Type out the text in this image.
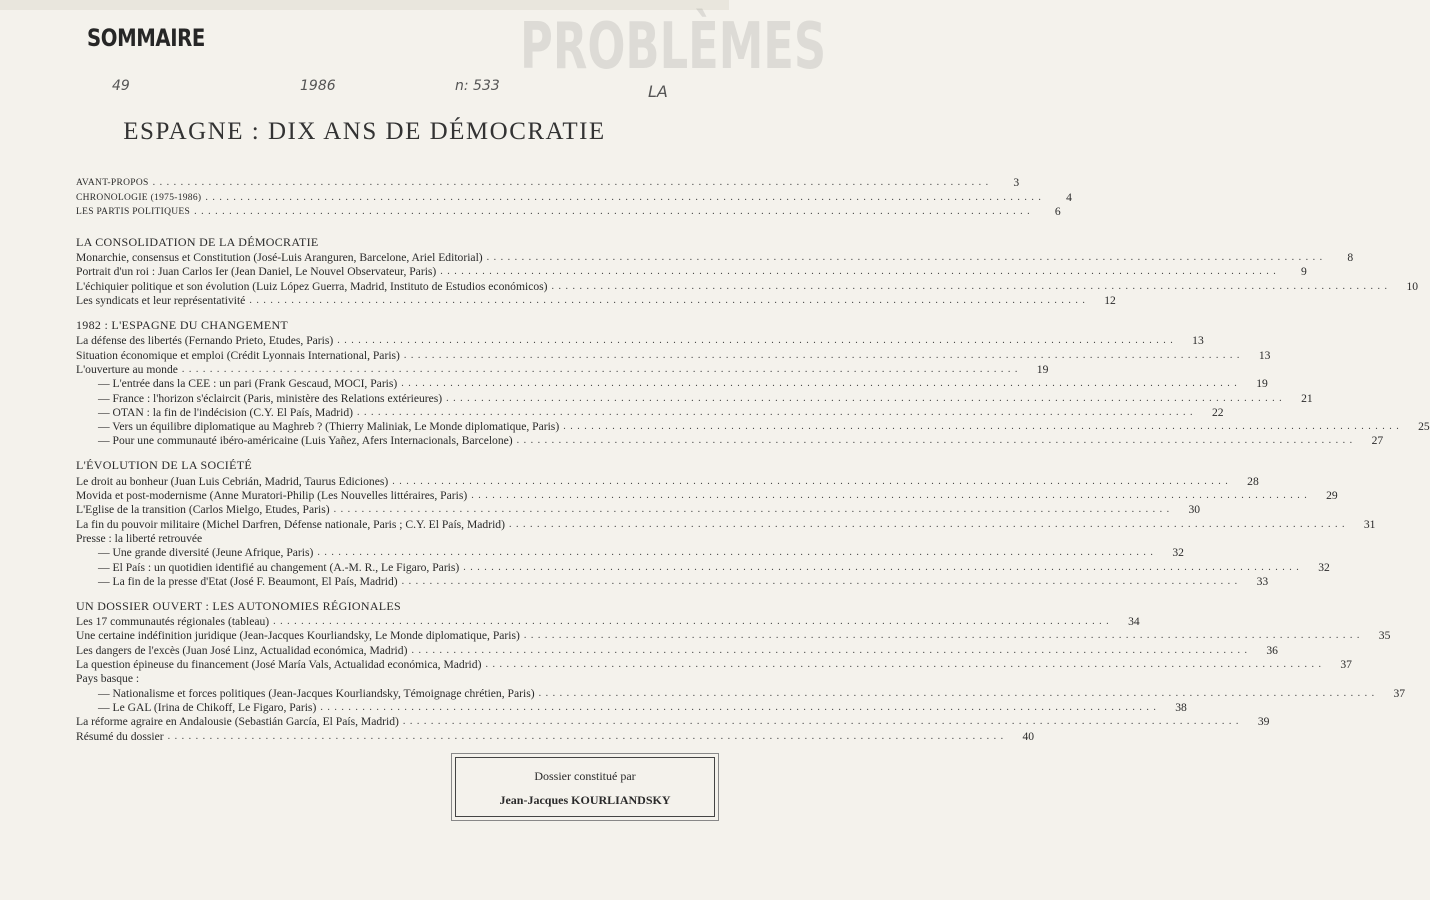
PROBLÈMES
SOMMAIRE
49	1986	n: 533	LA
ESPAGNE : DIX ANS DE DÉMOCRATIE
AVANT-PROPOS . . . . . . . . . . . . . . . . . . . . . . . . . . . . . . . . . . . . . . . . . . . . . . . . . . . . . . . . . . . . . . . . . . . . . . . . . . . . . . . . . . . . . . . . . . . . . . . . . . . . . . . . . . . . . . . . . . . . . . . .	3
CHRONOLOGIE (1975-1986) . . . . . . . . . . . . . . . . . . . . . . . . . . . . . . . . . . . . . . . . . . . . . . . . . . . . . . . . . . . . . . . . . . . . . . . . . . . . . . . . . . . . . . . . . . . . . . . . . . . . . . . . . . . . . . . . . . . . . . . .	4
LES PARTIS POLITIQUES . . . . . . . . . . . . . . . . . . . . . . . . . . . . . . . . . . . . . . . . . . . . . . . . . . . . . . . . . . . . . . . . . . . . . . . . . . . . . . . . . . . . . . . . . . . . . . . . . . . . . . . . . . . . . . . . . . . . . . . .	6
LA CONSOLIDATION DE LA DÉMOCRATIE
Monarchie, consensus et Constitution (José-Luis Aranguren, Barcelone, Ariel Editorial) . . . . . . . . . . . . . . . . . . . . . . . . . . . . . . . . . . . . . . . . . . . . . . . . . . . . . . . . . . . . . . . . . . . . . . . . . . . . . . . . . . . . . . . . . . . . . . . . . . . . . . . . . . . . . . . . . . . . . . . .	8
Portrait d'un roi : Juan Carlos Ier (Jean Daniel, Le Nouvel Observateur, Paris) . . . . . . . . . . . . . . . . . . . . . . . . . . . . . . . . . . . . . . . . . . . . . . . . . . . . . . . . . . . . . . . . . . . . . . . . . . . . . . . . . . . . . . . . . . . . . . . . . . . . . . . . . . . . . . . . . . . . . . . .	9
L'échiquier politique et son évolution (Luiz López Guerra, Madrid, Instituto de Estudios económicos) . . . . . . . . . . . . . . . . . . . . . . . . . . . . . . . . . . . . . . . . . . . . . . . . . . . . . . . . . . . . . . . . . . . . . . . . . . . . . . . . . . . . . . . . . . . . . . . . . . . . . . . . . . . . . . . . . . . . . . . .	10
Les syndicats et leur représentativité . . . . . . . . . . . . . . . . . . . . . . . . . . . . . . . . . . . . . . . . . . . . . . . . . . . . . . . . . . . . . . . . . . . . . . . . . . . . . . . . . . . . . . . . . . . . . . . . . . . . . . . . . . . . . . . . . . . . . . . .	12
1982 : L'ESPAGNE DU CHANGEMENT
La défense des libertés (Fernando Prieto, Etudes, Paris) . . . . . . . . . . . . . . . . . . . . . . . . . . . . . . . . . . . . . . . . . . . . . . . . . . . . . . . . . . . . . . . . . . . . . . . . . . . . . . . . . . . . . . . . . . . . . . . . . . . . . . . . . . . . . . . . . . . . . . . .	13
Situation économique et emploi (Crédit Lyonnais International, Paris) . . . . . . . . . . . . . . . . . . . . . . . . . . . . . . . . . . . . . . . . . . . . . . . . . . . . . . . . . . . . . . . . . . . . . . . . . . . . . . . . . . . . . . . . . . . . . . . . . . . . . . . . . . . . . . . . . . . . . . . .	13
L'ouverture au monde . . . . . . . . . . . . . . . . . . . . . . . . . . . . . . . . . . . . . . . . . . . . . . . . . . . . . . . . . . . . . . . . . . . . . . . . . . . . . . . . . . . . . . . . . . . . . . . . . . . . . . . . . . . . . . . . . . . . . . . .	19
— L'entrée dans la CEE : un pari (Frank Gescaud, MOCI, Paris) . . . . . . . . . . . . . . . . . . . . . . . . . . . . . . . . . . . . . . . . . . . . . . . . . . . . . . . . . . . . . . . . . . . . . . . . . . . . . . . . . . . . . . . . . . . . . . . . . . . . . . . . . . . . . . . . . . . . . . . .	19
— France : l'horizon s'éclaircit (Paris, ministère des Relations extérieures) . . . . . . . . . . . . . . . . . . . . . . . . . . . . . . . . . . . . . . . . . . . . . . . . . . . . . . . . . . . . . . . . . . . . . . . . . . . . . . . . . . . . . . . . . . . . . . . . . . . . . . . . . . . . . . . . . . . . . . . .	21
— OTAN : la fin de l'indécision (C.Y. El País, Madrid) . . . . . . . . . . . . . . . . . . . . . . . . . . . . . . . . . . . . . . . . . . . . . . . . . . . . . . . . . . . . . . . . . . . . . . . . . . . . . . . . . . . . . . . . . . . . . . . . . . . . . . . . . . . . . . . . . . . . . . . .	22
— Vers un équilibre diplomatique au Maghreb ? (Thierry Maliniak, Le Monde diplomatique, Paris) . . . . . . . . . . . . . . . . . . . . . . . . . . . . . . . . . . . . . . . . . . . . . . . . . . . . . . . . . . . . . . . . . . . . . . . . . . . . . . . . . . . . . . . . . . . . . . . . . . . . . . . . . . . . . . . . . . . . . . . .	25
— Pour une communauté ibéro-américaine (Luis Yañez, Afers Internacionals, Barcelone) . . . . . . . . . . . . . . . . . . . . . . . . . . . . . . . . . . . . . . . . . . . . . . . . . . . . . . . . . . . . . . . . . . . . . . . . . . . . . . . . . . . . . . . . . . . . . . . . . . . . . . . . . . . . . . . . . . . . . . . .	27
L'ÉVOLUTION DE LA SOCIÉTÉ
Le droit au bonheur (Juan Luis Cebrián, Madrid, Taurus Ediciones) . . . . . . . . . . . . . . . . . . . . . . . . . . . . . . . . . . . . . . . . . . . . . . . . . . . . . . . . . . . . . . . . . . . . . . . . . . . . . . . . . . . . . . . . . . . . . . . . . . . . . . . . . . . . . . . . . . . . . . . .	28
Movida et post-modernisme (Anne Muratori-Philip (Les Nouvelles littéraires, Paris) . . . . . . . . . . . . . . . . . . . . . . . . . . . . . . . . . . . . . . . . . . . . . . . . . . . . . . . . . . . . . . . . . . . . . . . . . . . . . . . . . . . . . . . . . . . . . . . . . . . . . . . . . . . . . . . . . . . . . . . .	29
L'Eglise de la transition (Carlos Mielgo, Etudes, Paris) . . . . . . . . . . . . . . . . . . . . . . . . . . . . . . . . . . . . . . . . . . . . . . . . . . . . . . . . . . . . . . . . . . . . . . . . . . . . . . . . . . . . . . . . . . . . . . . . . . . . . . . . . . . . . . . . . . . . . . . .	30
La fin du pouvoir militaire (Michel Darfren, Défense nationale, Paris ; C.Y. El País, Madrid) . . . . . . . . . . . . . . . . . . . . . . . . . . . . . . . . . . . . . . . . . . . . . . . . . . . . . . . . . . . . . . . . . . . . . . . . . . . . . . . . . . . . . . . . . . . . . . . . . . . . . . . . . . . . . . . . . . . . . . . .	31
Presse : la liberté retrouvée
— Une grande diversité (Jeune Afrique, Paris) . . . . . . . . . . . . . . . . . . . . . . . . . . . . . . . . . . . . . . . . . . . . . . . . . . . . . . . . . . . . . . . . . . . . . . . . . . . . . . . . . . . . . . . . . . . . . . . . . . . . . . . . . . . . . . . . . . . . . . . .	32
— El País : un quotidien identifié au changement (A.-M. R., Le Figaro, Paris) . . . . . . . . . . . . . . . . . . . . . . . . . . . . . . . . . . . . . . . . . . . . . . . . . . . . . . . . . . . . . . . . . . . . . . . . . . . . . . . . . . . . . . . . . . . . . . . . . . . . . . . . . . . . . . . . . . . . . . . .	32
— La fin de la presse d'Etat (José F. Beaumont, El País, Madrid) . . . . . . . . . . . . . . . . . . . . . . . . . . . . . . . . . . . . . . . . . . . . . . . . . . . . . . . . . . . . . . . . . . . . . . . . . . . . . . . . . . . . . . . . . . . . . . . . . . . . . . . . . . . . . . . . . . . . . . . .	33
UN DOSSIER OUVERT : LES AUTONOMIES RÉGIONALES
Les 17 communautés régionales (tableau) . . . . . . . . . . . . . . . . . . . . . . . . . . . . . . . . . . . . . . . . . . . . . . . . . . . . . . . . . . . . . . . . . . . . . . . . . . . . . . . . . . . . . . . . . . . . . . . . . . . . . . . . . . . . . . . . . . . . . . . .	34
Une certaine indéfinition juridique (Jean-Jacques Kourliandsky, Le Monde diplomatique, Paris) . . . . . . . . . . . . . . . . . . . . . . . . . . . . . . . . . . . . . . . . . . . . . . . . . . . . . . . . . . . . . . . . . . . . . . . . . . . . . . . . . . . . . . . . . . . . . . . . . . . . . . . . . . . . . . . . . . . . . . . .	35
Les dangers de l'excès (Juan José Linz, Actualidad económica, Madrid) . . . . . . . . . . . . . . . . . . . . . . . . . . . . . . . . . . . . . . . . . . . . . . . . . . . . . . . . . . . . . . . . . . . . . . . . . . . . . . . . . . . . . . . . . . . . . . . . . . . . . . . . . . . . . . . . . . . . . . . .	36
La question épineuse du financement (José María Vals, Actualidad económica, Madrid) . . . . . . . . . . . . . . . . . . . . . . . . . . . . . . . . . . . . . . . . . . . . . . . . . . . . . . . . . . . . . . . . . . . . . . . . . . . . . . . . . . . . . . . . . . . . . . . . . . . . . . . . . . . . . . . . . . . . . . . .	37
Pays basque :
— Nationalisme et forces politiques (Jean-Jacques Kourliandsky, Témoignage chrétien, Paris) . . . . . . . . . . . . . . . . . . . . . . . . . . . . . . . . . . . . . . . . . . . . . . . . . . . . . . . . . . . . . . . . . . . . . . . . . . . . . . . . . . . . . . . . . . . . . . . . . . . . . . . . . . . . . . . . . . . . . . . .	37
— Le GAL (Irina de Chikoff, Le Figaro, Paris) . . . . . . . . . . . . . . . . . . . . . . . . . . . . . . . . . . . . . . . . . . . . . . . . . . . . . . . . . . . . . . . . . . . . . . . . . . . . . . . . . . . . . . . . . . . . . . . . . . . . . . . . . . . . . . . . . . . . . . . .	38
La réforme agraire en Andalousie (Sebastián García, El País, Madrid) . . . . . . . . . . . . . . . . . . . . . . . . . . . . . . . . . . . . . . . . . . . . . . . . . . . . . . . . . . . . . . . . . . . . . . . . . . . . . . . . . . . . . . . . . . . . . . . . . . . . . . . . . . . . . . . . . . . . . . . .	39
Résumé du dossier . . . . . . . . . . . . . . . . . . . . . . . . . . . . . . . . . . . . . . . . . . . . . . . . . . . . . . . . . . . . . . . . . . . . . . . . . . . . . . . . . . . . . . . . . . . . . . . . . . . . . . . . . . . . . . . . . . . . . . . .	40
Dossier constitué par
Jean-Jacques KOURLIANDSKY
